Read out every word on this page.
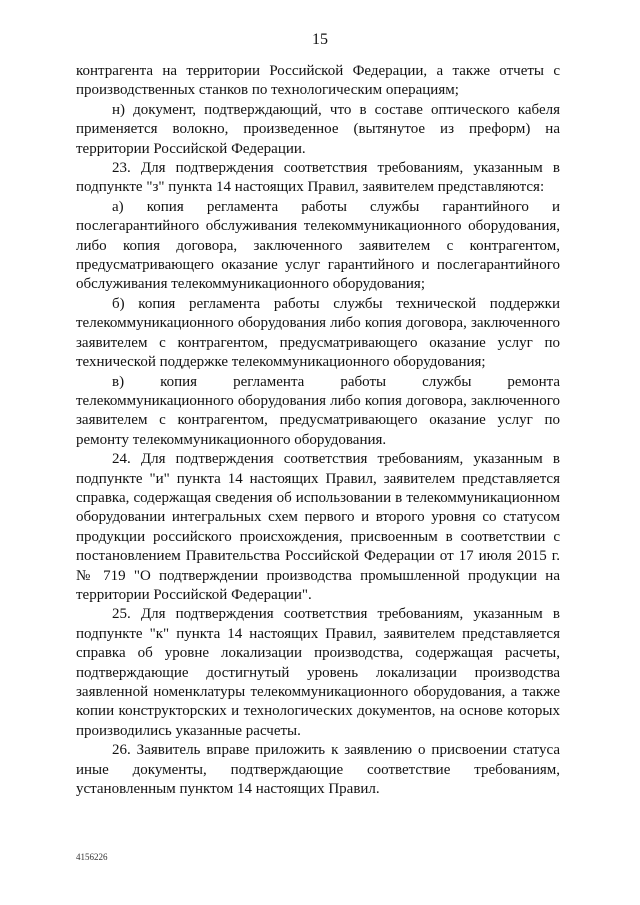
15

контрагента на территории Российской Федерации, а также отчеты с производственных станков по технологическим операциям;

н) документ, подтверждающий, что в составе оптического кабеля применяется волокно, произведенное (вытянутое из преформ) на территории Российской Федерации.

23. Для подтверждения соответствия требованиям, указанным в подпункте "з" пункта 14 настоящих Правил, заявителем представляются:

а) копия регламента работы службы гарантийного и послегарантийного обслуживания телекоммуникационного оборудования, либо копия договора, заключенного заявителем с контрагентом, предусматривающего оказание услуг гарантийного и послегарантийного обслуживания телекоммуникационного оборудования;

б) копия регламента работы службы технической поддержки телекоммуникационного оборудования либо копия договора, заключенного заявителем с контрагентом, предусматривающего оказание услуг по технической поддержке телекоммуникационного оборудования;

в) копия регламента работы службы ремонта телекоммуникационного оборудования либо копия договора, заключенного заявителем с контрагентом, предусматривающего оказание услуг по ремонту телекоммуникационного оборудования.

24. Для подтверждения соответствия требованиям, указанным в подпункте "и" пункта 14 настоящих Правил, заявителем представляется справка, содержащая сведения об использовании в телекоммуникационном оборудовании интегральных схем первого и второго уровня со статусом продукции российского происхождения, присвоенным в соответствии с постановлением Правительства Российской Федерации от 17 июля 2015 г. № 719 "О подтверждении производства промышленной продукции на территории Российской Федерации".

25. Для подтверждения соответствия требованиям, указанным в подпункте "к" пункта 14 настоящих Правил, заявителем представляется справка об уровне локализации производства, содержащая расчеты, подтверждающие достигнутый уровень локализации производства заявленной номенклатуры телекоммуникационного оборудования, а также копии конструкторских и технологических документов, на основе которых производились указанные расчеты.

26. Заявитель вправе приложить к заявлению о присвоении статуса иные документы, подтверждающие соответствие требованиям, установленным пунктом 14 настоящих Правил.

4156226
